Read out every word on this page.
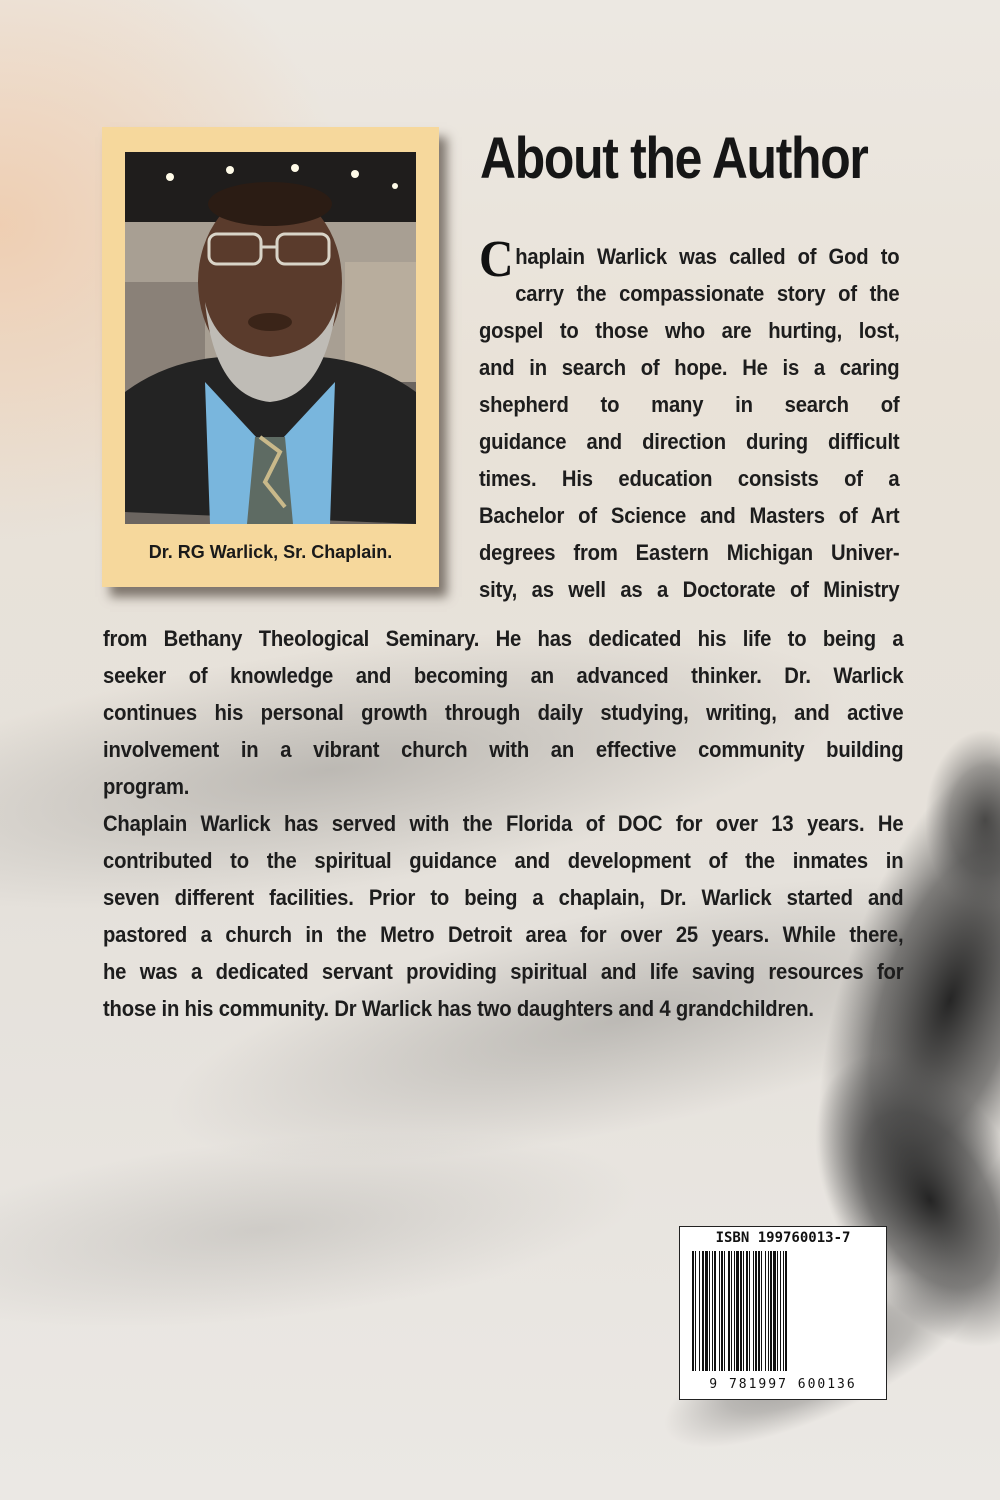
About the Author
Dr. RG Warlick, Sr. Chaplain.
Chaplain Warlick was called of God to
carry the compassionate story of the
gospel to those who are hurting, lost,
and in search of hope. He is a caring
shepherd to many in search of
guidance and direction during difficult
times. His education consists of a
Bachelor of Science and Masters of Art
degrees from Eastern Michigan Univer-
sity, as well as a Doctorate of Ministry
from Bethany Theological Seminary. He has dedicated his life to being a
seeker of knowledge and becoming an advanced thinker. Dr. Warlick
continues his personal growth through daily studying, writing, and active
involvement in a vibrant church with an effective community building
program.
Chaplain Warlick has served with the Florida of DOC for over 13 years. He
contributed to the spiritual guidance and development of the inmates in
seven different facilities. Prior to being a chaplain, Dr. Warlick started and
pastored a church in the Metro Detroit area for over 25 years. While there,
he was a dedicated servant providing spiritual and life saving resources for
those in his community. Dr Warlick has two daughters and 4 grandchildren.
ISBN 199760013-7
9 781997 600136
